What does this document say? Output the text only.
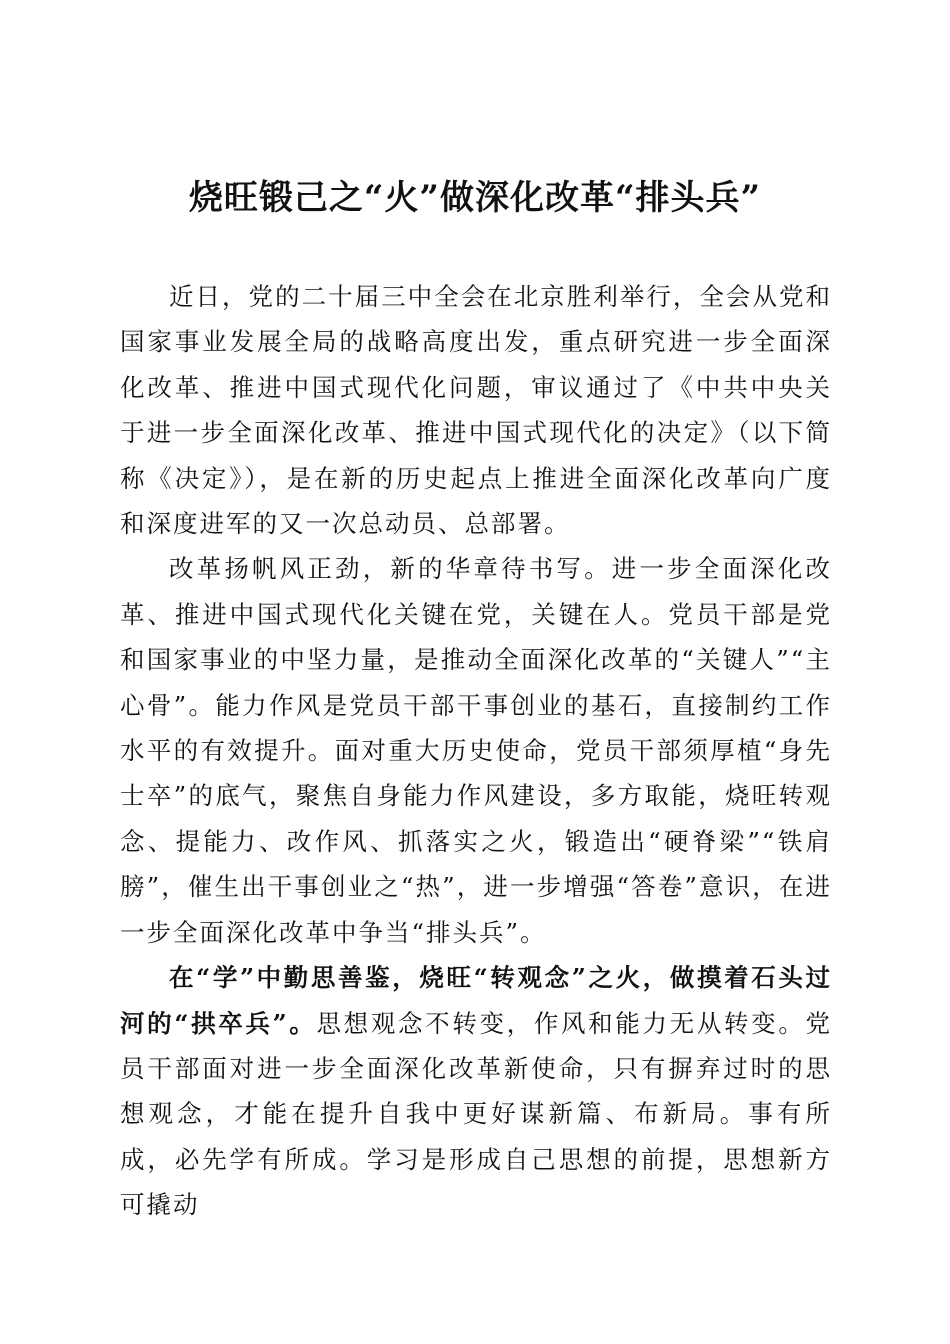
烧旺锻己之“火”做深化改革“排头兵”

近日，党的二十届三中全会在北京胜利举行，全会从党和国家事业发展全局的战略高度出发，重点研究进一步全面深化改革、推进中国式现代化问题，审议通过了《中共中央关于进一步全面深化改革、推进中国式现代化的决定》（以下简称《决定》），是在新的历史起点上推进全面深化改革向广度和深度进军的又一次总动员、总部署。

改革扬帆风正劲，新的华章待书写。进一步全面深化改革、推进中国式现代化关键在党，关键在人。党员干部是党和国家事业的中坚力量，是推动全面深化改革的“关键人”“主心骨”。能力作风是党员干部干事创业的基石，直接制约工作水平的有效提升。面对重大历史使命，党员干部须厚植“身先士卒”的底气，聚焦自身能力作风建设，多方取能，烧旺转观念、提能力、改作风、抓落实之火，锻造出“硬脊梁”“铁肩膀”，催生出干事创业之“热”，进一步增强“答卷”意识，在进一步全面深化改革中争当“排头兵”。

在“学”中勤思善鉴，烧旺“转观念”之火，做摸着石头过河的“拱卒兵”。思想观念不转变，作风和能力无从转变。党员干部面对进一步全面深化改革新使命，只有摒弃过时的思想观念，才能在提升自我中更好谋新篇、布新局。事有所成，必先学有所成。学习是形成自己思想的前提，思想新方可撬动
